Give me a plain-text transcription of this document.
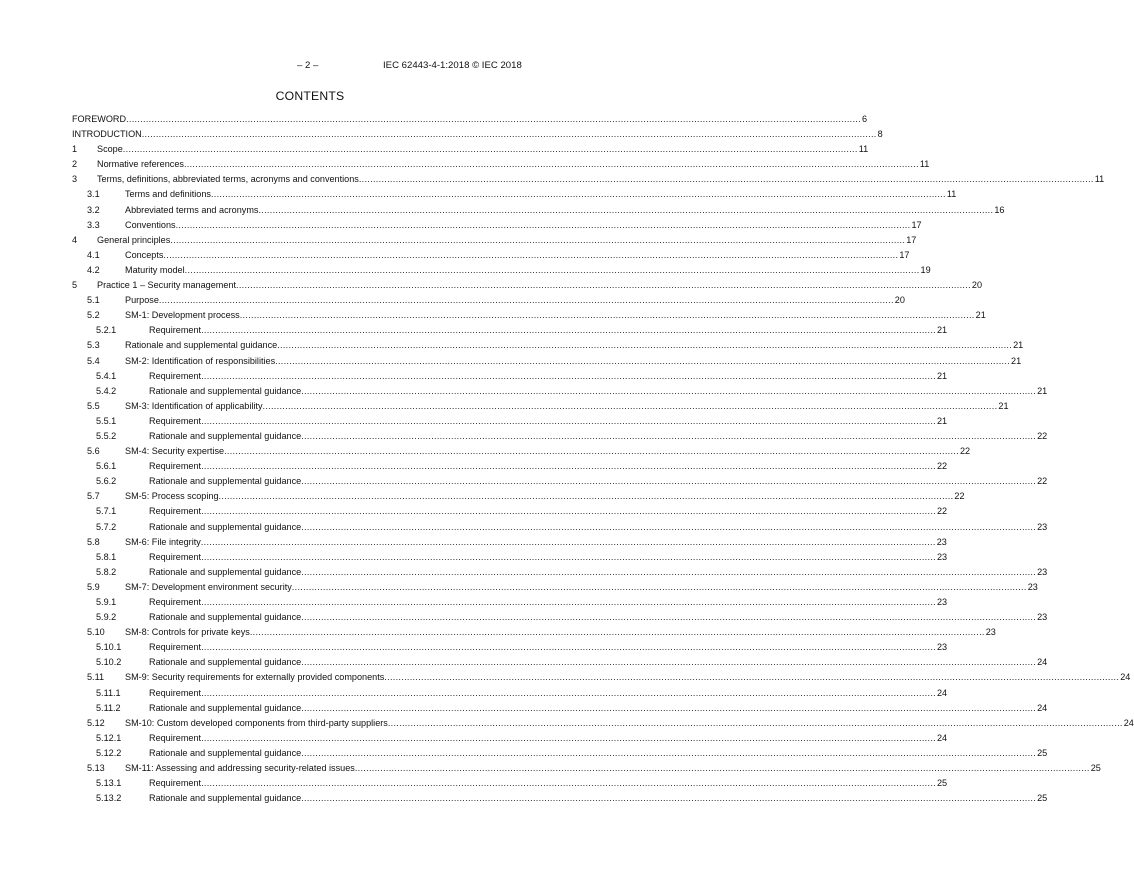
– 2 –	IEC 62443-4-1:2018 © IEC 2018
CONTENTS
FOREWORD .................................................................................................................................................................................................................................................................... 6
INTRODUCTION .................................................................................................................................................................................................................................................................... 8
1	Scope .................................................................................................................................................................................................................................................................... 11
2	Normative references .................................................................................................................................................................................................................................................................... 11
3	Terms, definitions, abbreviated terms, acronyms and conventions .................................................................................................................................................................................................................................................................... 11
3.1	Terms and definitions .................................................................................................................................................................................................................................................................... 11
3.2	Abbreviated terms and acronyms .................................................................................................................................................................................................................................................................... 16
3.3	Conventions .................................................................................................................................................................................................................................................................... 17
4	General principles .................................................................................................................................................................................................................................................................... 17
4.1	Concepts .................................................................................................................................................................................................................................................................... 17
4.2	Maturity model .................................................................................................................................................................................................................................................................... 19
5	Practice 1 – Security management .................................................................................................................................................................................................................................................................... 20
5.1	Purpose .................................................................................................................................................................................................................................................................... 20
5.2	SM-1: Development process .................................................................................................................................................................................................................................................................... 21
5.2.1	Requirement .................................................................................................................................................................................................................................................................... 21
5.3	Rationale and supplemental guidance .................................................................................................................................................................................................................................................................... 21
5.4	SM-2: Identification of responsibilities .................................................................................................................................................................................................................................................................... 21
5.4.1	Requirement .................................................................................................................................................................................................................................................................... 21
5.4.2	Rationale and supplemental guidance .................................................................................................................................................................................................................................................................... 21
5.5	SM-3: Identification of applicability .................................................................................................................................................................................................................................................................... 21
5.5.1	Requirement .................................................................................................................................................................................................................................................................... 21
5.5.2	Rationale and supplemental guidance .................................................................................................................................................................................................................................................................... 22
5.6	SM-4: Security expertise .................................................................................................................................................................................................................................................................... 22
5.6.1	Requirement .................................................................................................................................................................................................................................................................... 22
5.6.2	Rationale and supplemental guidance .................................................................................................................................................................................................................................................................... 22
5.7	SM-5: Process scoping .................................................................................................................................................................................................................................................................... 22
5.7.1	Requirement .................................................................................................................................................................................................................................................................... 22
5.7.2	Rationale and supplemental guidance .................................................................................................................................................................................................................................................................... 23
5.8	SM-6: File integrity .................................................................................................................................................................................................................................................................... 23
5.8.1	Requirement .................................................................................................................................................................................................................................................................... 23
5.8.2	Rationale and supplemental guidance .................................................................................................................................................................................................................................................................... 23
5.9	SM-7: Development environment security .................................................................................................................................................................................................................................................................... 23
5.9.1	Requirement .................................................................................................................................................................................................................................................................... 23
5.9.2	Rationale and supplemental guidance .................................................................................................................................................................................................................................................................... 23
5.10	SM-8: Controls for private keys .................................................................................................................................................................................................................................................................... 23
5.10.1	Requirement .................................................................................................................................................................................................................................................................... 23
5.10.2	Rationale and supplemental guidance .................................................................................................................................................................................................................................................................... 24
5.11	SM-9: Security requirements for externally provided components .................................................................................................................................................................................................................................................................... 24
5.11.1	Requirement .................................................................................................................................................................................................................................................................... 24
5.11.2	Rationale and supplemental guidance .................................................................................................................................................................................................................................................................... 24
5.12	SM-10: Custom developed components from third-party suppliers .................................................................................................................................................................................................................................................................... 24
5.12.1	Requirement .................................................................................................................................................................................................................................................................... 24
5.12.2	Rationale and supplemental guidance .................................................................................................................................................................................................................................................................... 25
5.13	SM-11: Assessing and addressing security-related issues .................................................................................................................................................................................................................................................................... 25
5.13.1	Requirement .................................................................................................................................................................................................................................................................... 25
5.13.2	Rationale and supplemental guidance .................................................................................................................................................................................................................................................................... 25
